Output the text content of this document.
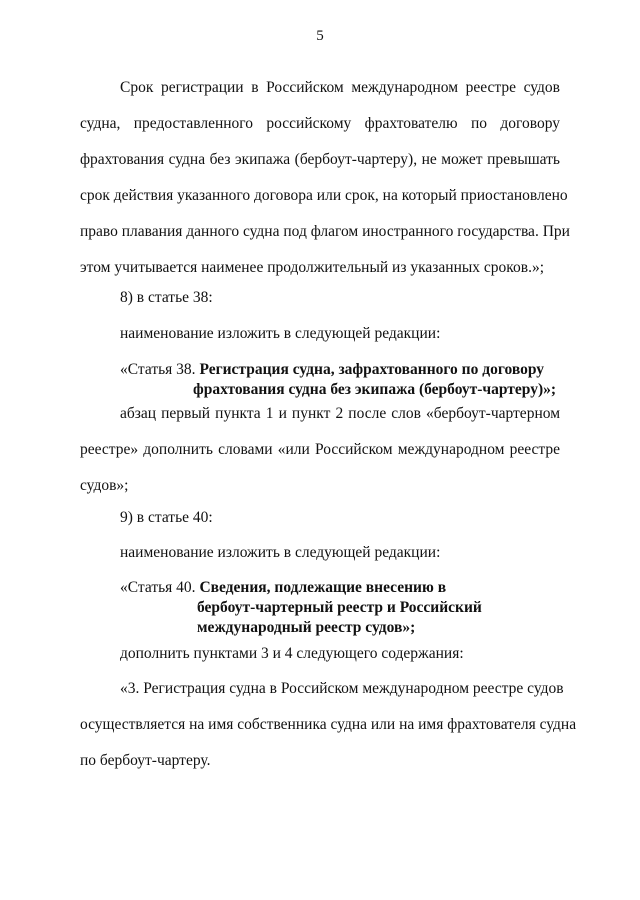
5
Срок регистрации в Российском международном реестре судов
судна, предоставленного российскому фрахтователю по договору
фрахтования судна без экипажа (бербоут-чартеру), не может превышать
срок действия указанного договора или срок, на который приостановлено
право плавания данного судна под флагом иностранного государства. При
этом учитывается наименее продолжительный из указанных сроков.»;
8) в статье 38:
наименование изложить в следующей редакции:
«Статья 38. Регистрация судна, зафрахтованного по договору
фрахтования судна без экипажа (бербоут-чартеру)»;
абзац первый пункта 1 и пункт 2 после слов «бербоут-чартерном
реестре» дополнить словами «или Российском международном реестре
судов»;
9) в статье 40:
наименование изложить в следующей редакции:
«Статья 40. Сведения, подлежащие внесению в
бербоут-чартерный реестр и Российский
международный реестр судов»;
дополнить пунктами 3 и 4 следующего содержания:
«3. Регистрация судна в Российском международном реестре судов
осуществляется на имя собственника судна или на имя фрахтователя судна
по бербоут-чартеру.
